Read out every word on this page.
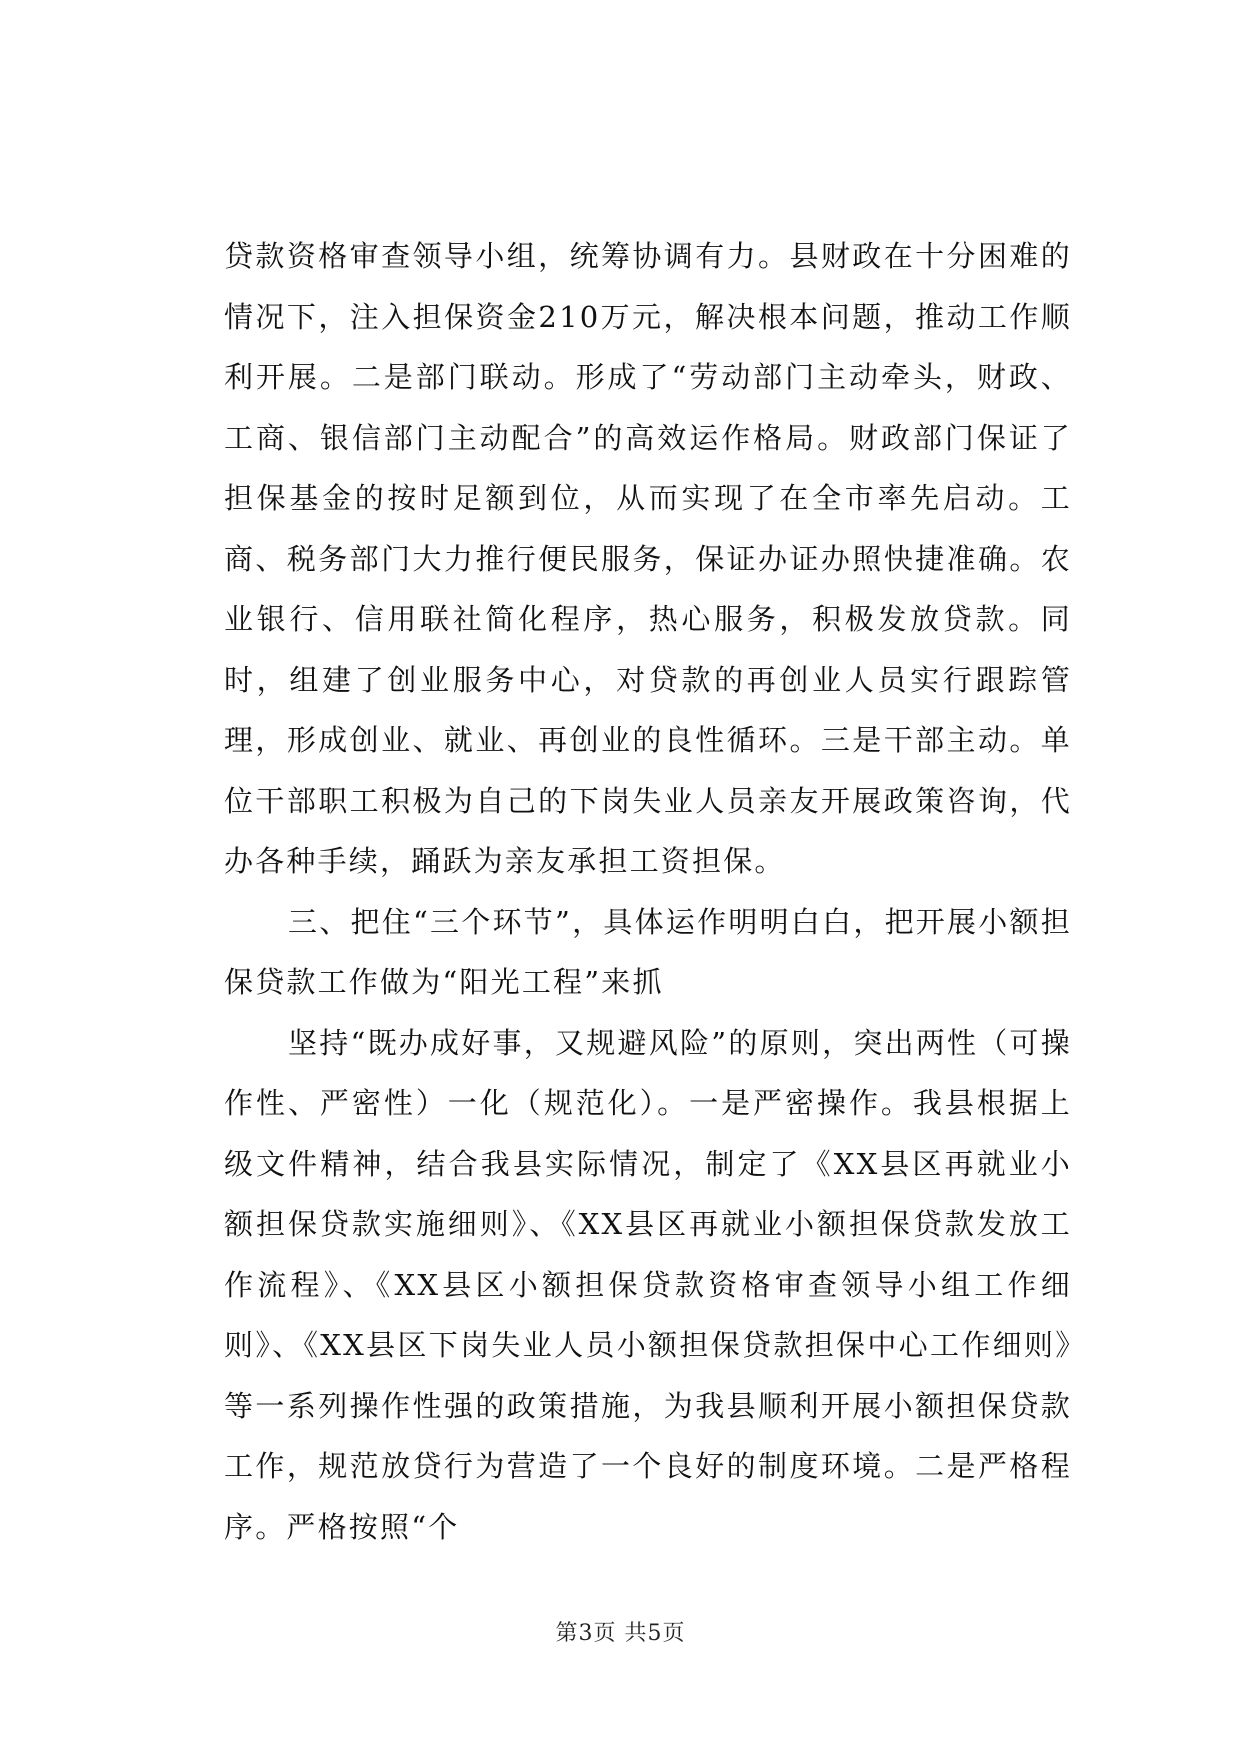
贷款资格审查领导小组，统筹协调有力。县财政在十分困难的情况下，注入担保资金210万元，解决根本问题，推动工作顺利开展。二是部门联动。形成了“劳动部门主动牵头，财政、工商、银信部门主动配合”的高效运作格局。财政部门保证了担保基金的按时足额到位，从而实现了在全市率先启动。工商、税务部门大力推行便民服务，保证办证办照快捷准确。农业银行、信用联社简化程序，热心服务，积极发放贷款。同时，组建了创业服务中心，对贷款的再创业人员实行跟踪管理，形成创业、就业、再创业的良性循环。三是干部主动。单位干部职工积极为自己的下岗失业人员亲友开展政策咨询，代办各种手续，踊跃为亲友承担工资担保。

三、把住“三个环节”，具体运作明明白白，把开展小额担保贷款工作做为“阳光工程”来抓

坚持“既办成好事，又规避风险”的原则，突出两性（可操作性、严密性）一化（规范化）。一是严密操作。我县根据上级文件精神，结合我县实际情况，制定了《XX县区再就业小额担保贷款实施细则》、《XX县区再就业小额担保贷款发放工作流程》、《XX县区小额担保贷款资格审查领导小组工作细则》、《XX县区下岗失业人员小额担保贷款担保中心工作细则》等一系列操作性强的政策措施，为我县顺利开展小额担保贷款工作，规范放贷行为营造了一个良好的制度环境。二是严格程序。严格按照“个

第3页 共5页
